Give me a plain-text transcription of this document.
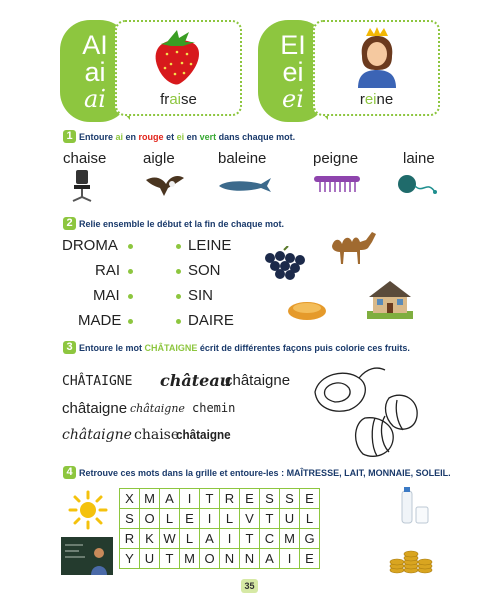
AI
ai
ai	fraise
EI
ei
ei	reine
1 Entoure ai en rouge et ei en vert dans chaque mot.
chaise aigle	baleine	peigne	laine
2 Relie ensemble le début et la fin de chaque mot.
DROMA
RAI
MAI
MADE
LEINE
SON
SIN
DAIRE
3 Entoure le mot CHÂTAIGNE écrit de différentes façons puis colorie ces fruits.
CHÂTAIGNE château
châtaigne
châtaigne châtaigne chemin
châtaigne chaise
châtaigne
4 Retrouve ces mots dans la grille et entoure-les : MAÎTRESSE, LAIT, MONNAIE, SOLEIL.
X	M	A	I	T	R	E	S	S	E
S	O	L	E	I	L	V	T	U	L
R	K	W	L	A	I	T	C	M	G
Y	U	T	M	O	N	N	A	I	E
35
